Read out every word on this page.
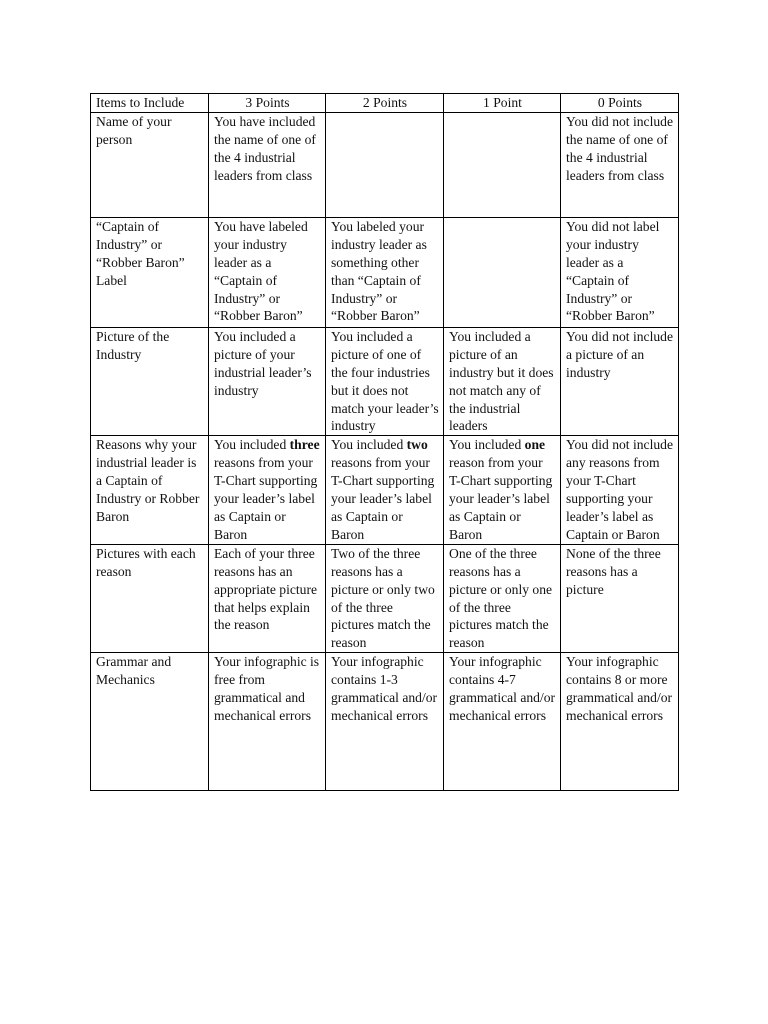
Items to Include	3 Points	2 Points	1 Point	0 Points
Name of your person	You have included the name of one of the 4 industrial leaders from class			You did not include the name of one of the 4 industrial leaders from class
“Captain of Industry” or “Robber Baron” Label	You have labeled your industry leader as a “Captain of Industry” or “Robber Baron”	You labeled your industry leader as something other than “Captain of Industry” or “Robber Baron”		You did not label your industry leader as a “Captain of Industry” or “Robber Baron”
Picture of the Industry	You included a picture of your industrial leader’s industry	You included a picture of one of the four industries but it does not match your leader’s industry	You included a picture of an industry but it does not match any of the industrial leaders	You did not include a picture of an industry
Reasons why your industrial leader is a Captain of Industry or Robber Baron	You included three reasons from your T-Chart supporting your leader’s label as Captain or Baron	You included two reasons from your T-Chart supporting your leader’s label as Captain or Baron	You included one reason from your T-Chart supporting your leader’s label as Captain or Baron	You did not include any reasons from your T-Chart supporting your leader’s label as Captain or Baron
Pictures with each reason	Each of your three reasons has an appropriate picture that helps explain the reason	Two of the three reasons has a picture or only two of the three pictures match the reason	One of the three reasons has a picture or only one of the three pictures match the reason	None of the three reasons has a picture
Grammar and Mechanics	Your infographic is free from grammatical and mechanical errors	Your infographic contains 1-3 grammatical and/or mechanical errors	Your infographic contains 4-7 grammatical and/or mechanical errors	Your infographic contains 8 or more grammatical and/or mechanical errors
